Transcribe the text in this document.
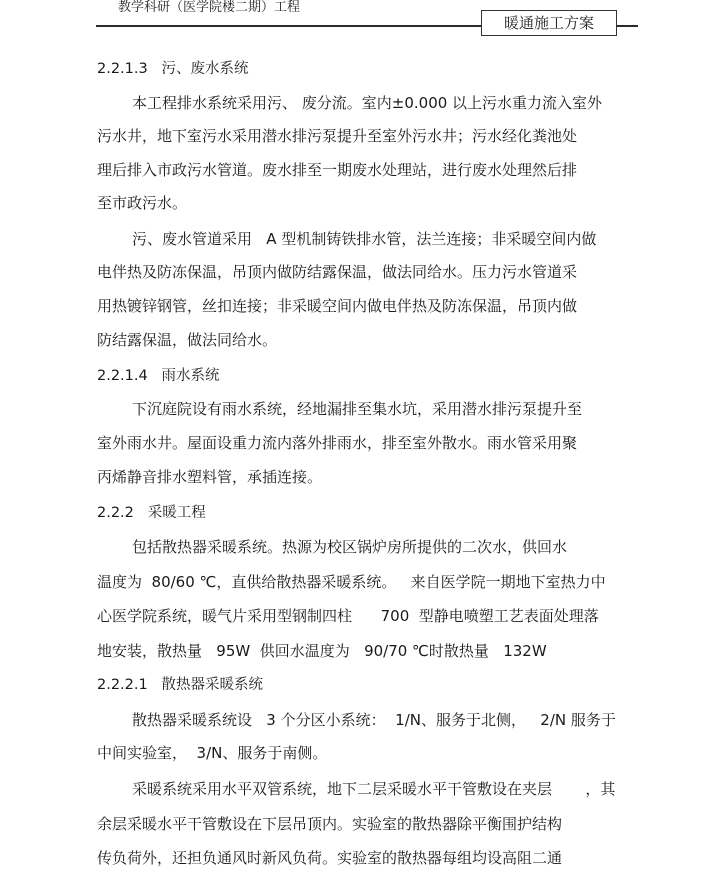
教学科研（医学院楼二期）工程
暖通施工方案
2.2.1.3   污、废水系统
本工程排水系统采用污、 废分流。室内±0.000 以上污水重力流入室外
污水井，地下室污水采用潜水排污泵提升至室外污水井；污水经化粪池处
理后排入市政污水管道。废水排至一期废水处理站，进行废水处理然后排
至市政污水。
污、废水管道采用   A 型机制铸铁排水管，法兰连接；非采暖空间内做
电伴热及防冻保温，吊顶内做防结露保温，做法同给水。压力污水管道采
用热镀锌钢管，丝扣连接；非采暖空间内做电伴热及防冻保温，吊顶内做
防结露保温，做法同给水。
2.2.1.4   雨水系统
下沉庭院设有雨水系统，经地漏排至集水坑，采用潜水排污泵提升至
室外雨水井。屋面设重力流内落外排雨水，排至室外散水。雨水管采用聚
丙烯静音排水塑料管，承插连接。
2.2.2   采暖工程
包括散热器采暖系统。热源为校区锅炉房所提供的二次水，供回水
温度为  80/60 ℃，直供给散热器采暖系统。   来自医学院一期地下室热力中
心医学院系统，暖气片采用型钢制四柱      700  型静电喷塑工艺表面处理落
地安装，散热量   95W  供回水温度为   90/70 ℃时散热量   132W
2.2.2.1   散热器采暖系统
散热器采暖系统设   3 个分区小系统：  1/N、服务于北侧，   2/N 服务于
中间实验室，  3/N、服务于南侧。
采暖系统采用水平双管系统，地下二层采暖水平干管敷设在夹层       ，其
余层采暖水平干管敷设在下层吊顶内。实验室的散热器除平衡围护结构
传负荷外，还担负通风时新风负荷。实验室的散热器每组均设高阻二通
